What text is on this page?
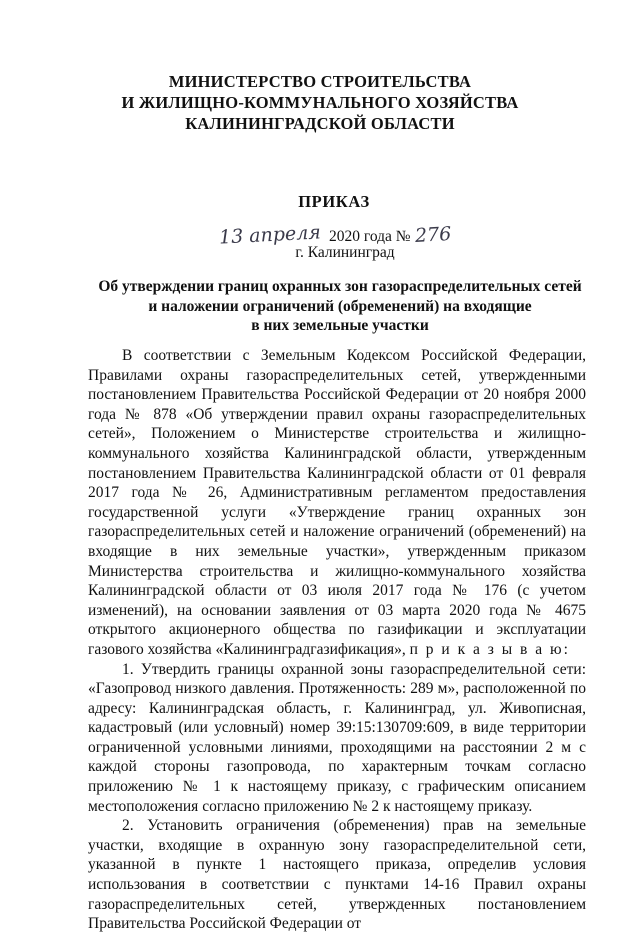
МИНИСТЕРСТВО СТРОИТЕЛЬСТВА
И ЖИЛИЩНО-КОММУНАЛЬНОГО ХОЗЯЙСТВА
КАЛИНИНГРАДСКОЙ ОБЛАСТИ
ПРИКАЗ
13 апреля 2020 года № 276
г. Калининград
Об утверждении границ охранных зон газораспределительных сетей
и наложении ограничений (обременений) на входящие
в них земельные участки

В соответствии с Земельным Кодексом Российской Федерации, Правилами охраны газораспределительных сетей, утвержденными постановлением Правительства Российской Федерации от 20 ноября 2000 года № 878 «Об утверждении правил охраны газораспределительных сетей», Положением о Министерстве строительства и жилищно-коммунального хозяйства Калининградской области, утвержденным постановлением Правительства Калининградской области от 01 февраля 2017 года № 26, Административным регламентом предоставления государственной услуги «Утверждение границ охранных зон газораспределительных сетей и наложение ограничений (обременений) на входящие в них земельные участки», утвержденным приказом Министерства строительства и жилищно-коммунального хозяйства Калининградской области от 03 июля 2017 года № 176 (с учетом изменений), на основании заявления от 03 марта 2020 года № 4675 открытого акционерного общества по газификации и эксплуатации газового хозяйства «Калининградгазификация», п р и к а з ы в а ю:

1. Утвердить границы охранной зоны газораспределительной сети: «Газопровод низкого давления. Протяженность: 289 м», расположенной по адресу: Калининградская область, г. Калининград, ул. Живописная, кадастровый (или условный) номер 39:15:130709:609, в виде территории ограниченной условными линиями, проходящими на расстоянии 2 м с каждой стороны газопровода, по характерным точкам согласно приложению № 1 к настоящему приказу, с графическим описанием местоположения согласно приложению № 2 к настоящему приказу.

2. Установить ограничения (обременения) прав на земельные участки, входящие в охранную зону газораспределительной сети, указанной в пункте 1 настоящего приказа, определив условия использования в соответствии с пунктами 14-16 Правил охраны газораспределительных сетей, утвержденных постановлением Правительства Российской Федерации от
